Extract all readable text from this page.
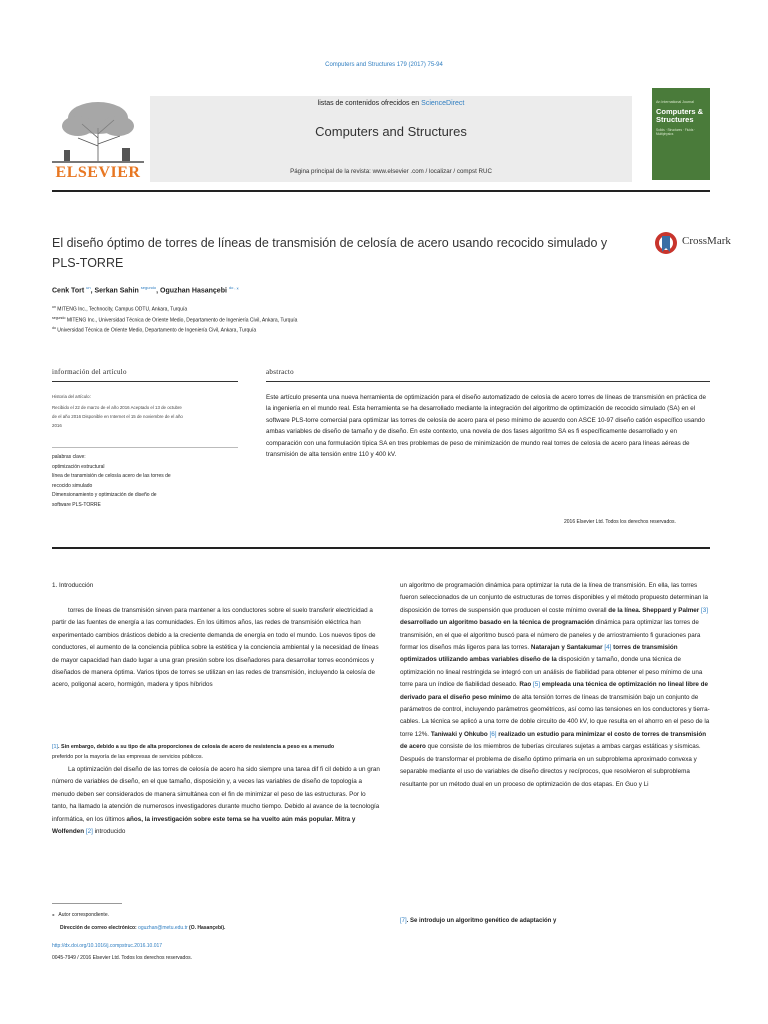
Computers and Structures 179 (2017) 75-94
ELSEVIER
listas de contenidos ofrecidos en ScienceDirect
Computers and Structures
Página principal de la revista: www.elsevier .com / localizar / compst RUC
An International Journal
Computers & Structures
Solids · Structures · Fluids · Multiphysics
El diseño óptimo de torres de líneas de transmisión de celosía de acero usando recocido simulado y PLS-TORRE
CrossMark
Cenk Tort $^{un}$, Serkan Sahin $^{segundo}$, Oguzhan Hasançebi $^{do , ⁎}$
$^{un}$ MITENG Inc., Technocity, Campus ODTU, Ankara, Turquía
$^{segundo}$ MITENG Inc., Universidad Técnica de Oriente Medio, Departamento de Ingeniería Civil, Ankara, Turquía
$^{do}$ Universidad Técnica de Oriente Medio, Departamento de Ingeniería Civil, Ankara, Turquía
información del artículo	abstracto
Historia del artículo:
Recibido el 22 de marzo de el año 2016 Aceptado el 13 de octubre
de el año 2016 Disponible en Internet el 15 de noviembre de el año
2016
palabras clave:
optimización estructural
línea de transmisión de celosía acero de las torres de
recocido simulado
Dimensionamiento y optimización de diseño de
software PLS-TORRE
Este artículo presenta una nueva herramienta de optimización para el diseño automatizado de celosía de acero torres de líneas de transmisión en práctica de la ingeniería en el mundo real. Esta herramienta se ha desarrollado mediante la integración del algoritmo de optimización de recocido simulado (SA) en el software PLS-torre comercial para optimizar las torres de celosía de acero para el peso mínimo de acuerdo con ASCE 10-97 diseño catión específico usando ambas variables de diseño de tamaño y de diseño. En este contexto, una novela de dos fases algoritmo SA es fi específicamente desarrollado y en comparación con una formulación típica SA en tres problemas de peso de minimización de mundo real torres de celosía de acero para líneas aéreas de transmisión de alta tensión entre 110 y 400 kV.
2016 Elsevier Ltd. Todos los derechos reservados.
1. Introducción

torres de líneas de transmisión sirven para mantener a los conductores sobre el suelo transferir electricidad a partir de las fuentes de energía a las comunidades. En los últimos años, las redes de transmisión eléctrica han experimentado cambios drásticos debido a la creciente demanda de energía en todo el mundo. Los nuevos tipos de conductores, el aumento de la conciencia pública sobre la estética y la conciencia ambiental y la necesidad de líneas de mayor capacidad han dado lugar a una gran presión sobre los diseñadores para desarrollar torres económicos y diseñados de manera óptima. Varios tipos de torres se utilizan en las redes de transmisión, incluyendo la celosía de acero, poligonal acero, hormigón, madera y tipos híbridos

[1]. Sin embargo, debido a su tipo de alta proporciones de celosía de acero de resistencia a peso es a menudo
preferido por la mayoría de las empresas de servicios públicos.

La optimización del diseño de las torres de celosía de acero ha sido siempre una tarea dif fi cil debido a un gran número de variables de diseño, en el que tamaño, disposición y, a veces las variables de diseño de topología a menudo deben ser considerados de manera simultánea con el fin de minimizar el peso de las estructuras. Por lo tanto, ha llamado la atención de numerosos investigadores durante mucho tiempo. Debido al avance de la tecnología informática, en los últimos años, la investigación sobre este tema se ha vuelto aún más popular. Mitra y Wolfenden [2] introducido

un algoritmo de programación dinámica para optimizar la ruta de la línea de transmisión. En ella, las torres fueron seleccionados de un conjunto de estructuras de torres disponibles y el método propuesto determinan la disposición de torres de suspensión que producen el coste mínimo overall de la línea. Sheppard y Palmer [3] desarrollado un algoritmo basado en la técnica de programación dinámica para optimizar las torres de transmisión, en el que el algoritmo buscó para el número de paneles y de arriostramiento fi guraciones para formar los diseños más ligeros para las torres. Natarajan y Santakumar [4] torres de transmisión optimizados utilizando ambas variables diseño de la disposición y tamaño, donde una técnica de optimización no lineal restringida se integró con un análisis de fiabilidad para obtener el peso mínimo de una torre para un índice de fiabilidad deseado. Rao [5] empleada una técnica de optimización no lineal libre de derivado para el diseño peso mínimo de alta tensión torres de líneas de transmisión bajo un conjunto de parámetros de control, incluyendo parámetros geométricos, así como las tensiones en los conductores y tierra-cables. La técnica se aplicó a una torre de doble circuito de 400 kV, lo que resulta en el ahorro en el peso de la torre 12%. Taniwaki y Ohkubo [6] realizado un estudio para minimizar el costo de torres de transmisión de acero que consiste de los miembros de tuberías circulares sujetas a ambas cargas estáticas y sísmicas. Después de transformar el problema de diseño óptimo primaria en un subproblema aproximado convexa y separable mediante el uso de variables de diseño directos y recíprocos, que resolvieron el subproblema resultante por un método dual en un proceso de optimización de dos etapas. En Guo y Li

⁎ Autor correspondiente.
Dirección de correo electrónico: oguzhan@metu.edu.tr (O. Hasançebi).
[7]. Se introdujo un algoritmo genético de adaptación y
http://dx.doi.org/10.1016/j.compstruc.2016.10.017
0045-7949 / 2016 Elsevier Ltd. Todos los derechos reservados.
